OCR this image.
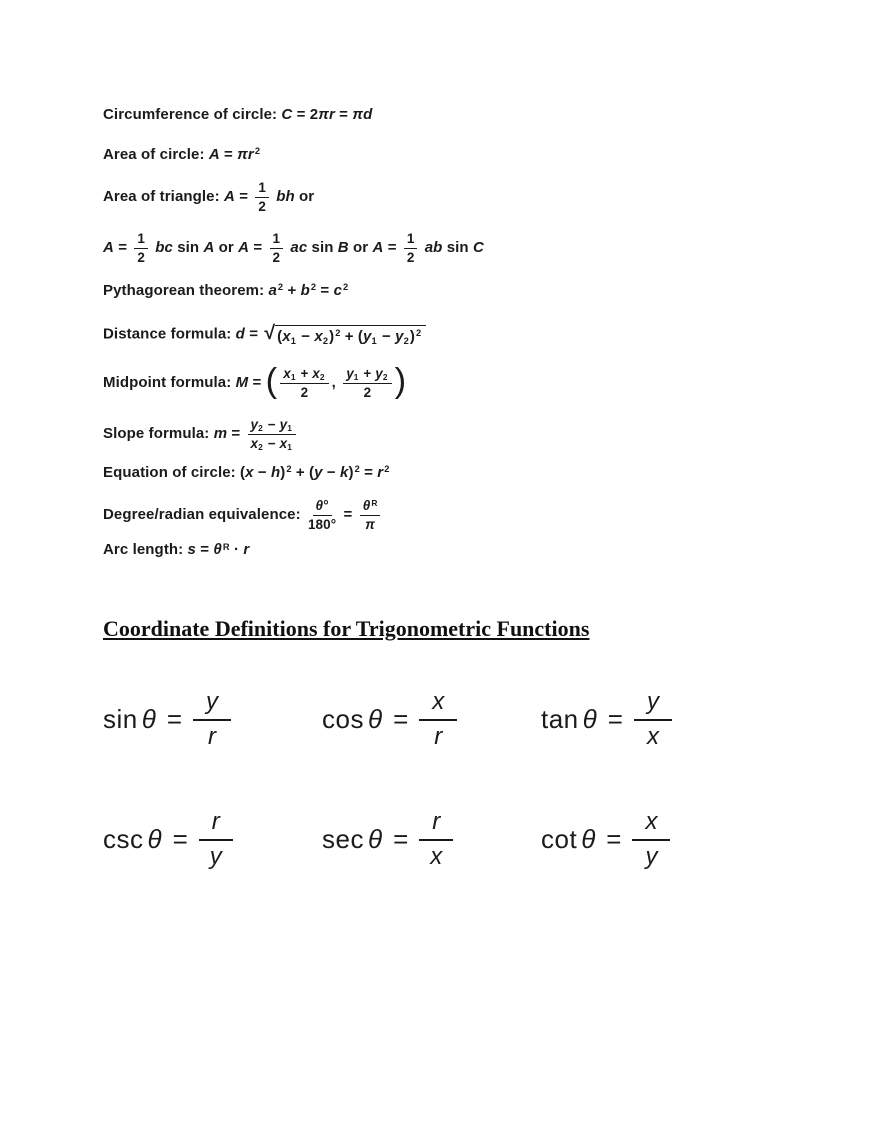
Circumference of circle: C = 2πr = πd
Area of circle: $A = \pi r^2$
Area of triangle: $A = \frac{1}{2}$ bh or
$A = \frac{1}{2}$ bc sin A or $A = \frac{1}{2}$ ac sin B or $A = \frac{1}{2}$ ab sin C
Pythagorean theorem: $a^2 + b^2 = c^2$
Distance formula: d = √ $(x1 - x2)^2 + (y1 - y2)^2$
Midpoint formula: M = ( $\frac{x1 + x2}{2}$ , $\frac{y1 + y2}{2}$ )
Slope formula: $m = \frac{y2 - y1}{x2 - x1}$
Equation of circle: $(x - h)^2 + (y - k)^2 = r^2$
Degree/radian equivalence: $\frac{\theta^\circ}{180^\circ} = \frac{\theta^R}{\pi}$
Arc length: $s = \theta^R \cdot r$
Coordinate Definitions for Trigonometric Functions
$\sin \theta = \frac{y}{r}$	$\cos \theta = \frac{x}{r}$	$\tan \theta = \frac{y}{x}$
$\csc \theta = \frac{r}{y}$	$\sec \theta = \frac{r}{x}$	$\cot \theta = \frac{x}{y}$
